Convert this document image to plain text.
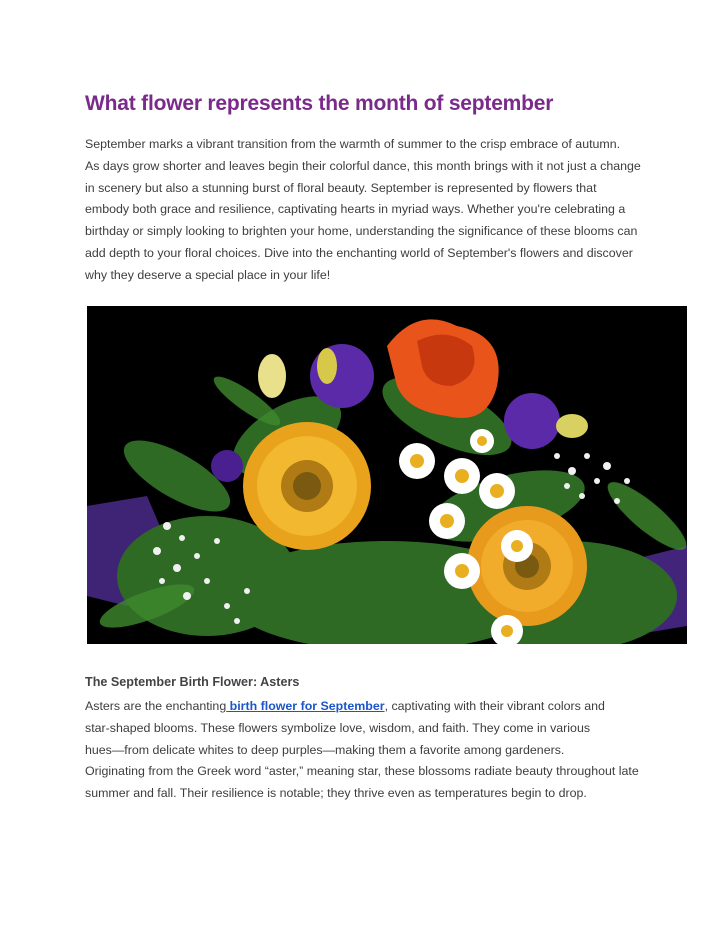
What flower represents the month of september

September marks a vibrant transition from the warmth of summer to the crisp embrace of autumn.
As days grow shorter and leaves begin their colorful dance, this month brings with it not just a change
in scenery but also a stunning burst of floral beauty. September is represented by flowers that
embody both grace and resilience, captivating hearts in myriad ways. Whether you're celebrating a
birthday or simply looking to brighten your home, understanding the significance of these blooms can
add depth to your floral choices. Dive into the enchanting world of September's flowers and discover
why they deserve a special place in your life!

The September Birth Flower: Asters

Asters are the enchanting birth flower for September, captivating with their vibrant colors and
star-shaped blooms. These flowers symbolize love, wisdom, and faith. They come in various
hues—from delicate whites to deep purples—making them a favorite among gardeners.
Originating from the Greek word “aster,” meaning star, these blossoms radiate beauty throughout late
summer and fall. Their resilience is notable; they thrive even as temperatures begin to drop.
